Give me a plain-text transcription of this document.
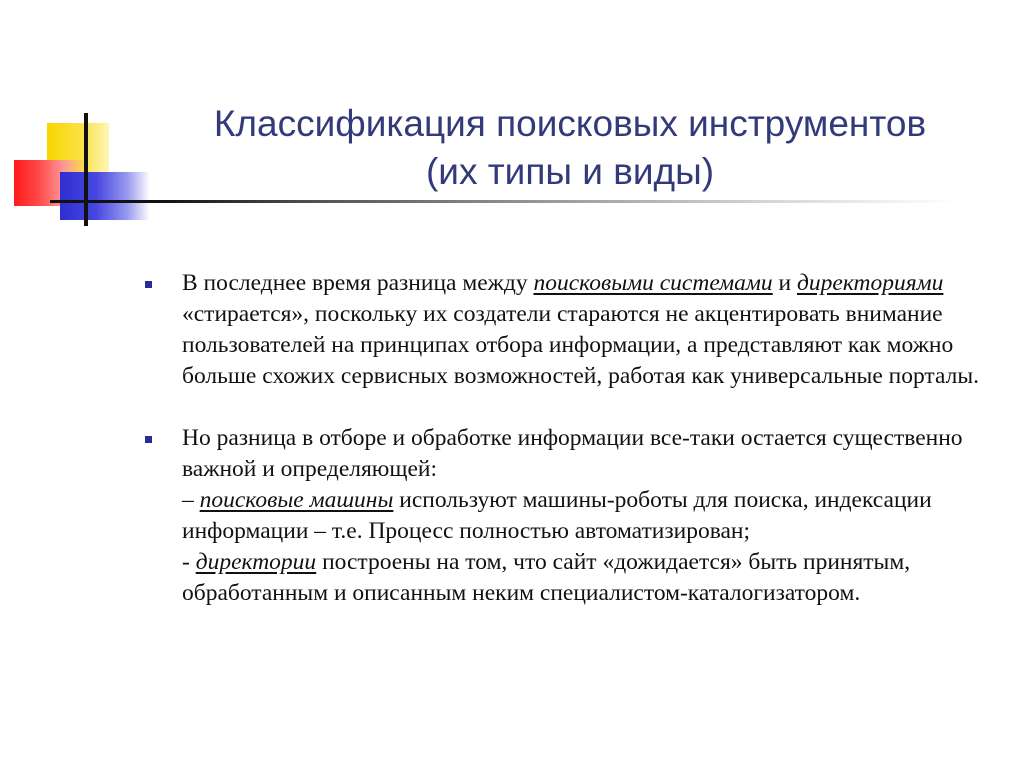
Классификация поисковых инструментов
(их типы и виды)
В последнее время разница между поисковыми системами и директориями «стирается», поскольку их создатели стараются не акцентировать внимание пользователей на принципах отбора информации, а представляют как можно больше схожих сервисных возможностей, работая как универсальные порталы.
Но разница в отборе и обработке информации все-таки остается существенно важной и определяющей:
– поисковые машины используют машины-роботы для поиска, индексации информации – т.е. Процесс полностью автоматизирован;
- директории построены на том, что сайт «дожидается» быть принятым, обработанным и описанным неким специалистом-каталогизатором.
